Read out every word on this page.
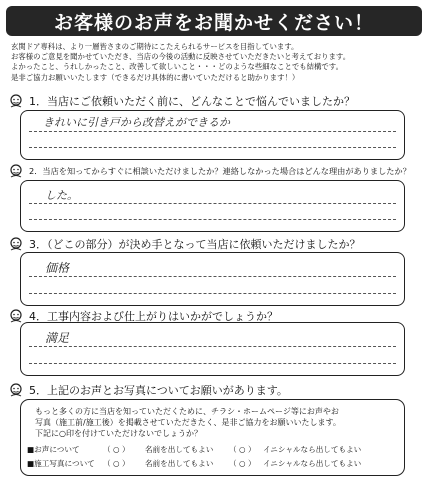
お客様のお声をお聞かせください！
玄関ドア専科は、より一層皆さまのご期待にこたえられるサービスを目指しています。
お客様のご意見を聞かせていただき、当店の今後の活動に反映させていただきたいと考えております。
よかったこと、うれしかったこと、改善して欲しいこと・・・どのような些細なことでも結構です。
是非ご協力お願いいたします（できるだけ具体的に書いていただけると助かります！）
1．当店にご依頼いただく前に、どんなことで悩んでいましたか？
きれいに引き戸から改替えができるか
2．当店を知ってからすぐに相談いただけましたか？連絡しなかった場合はどんな理由がありましたか？
した。
3．（どこの部分）が決め手となって当店に依頼いただけましたか？
価格
4．工事内容および仕上がりはいかがでしょうか？
満足
5．上記のお声とお写真についてお願いがあります。
もっと多くの方に当店を知っていただくために、チラシ・ホームページ等にお声やお
写真（施工前/施工後）を掲載させていただきたく、是非ご協力をお願いいたします。
下記に○印を付けていただけないでしょうか？
■お声について	（ ○ ）	名前を出してもよい	（ ○ ） イニシャルなら出してもよい
■施工写真について	（ ○ ）	名前を出してもよい	（ ○ ） イニシャルなら出してもよい
